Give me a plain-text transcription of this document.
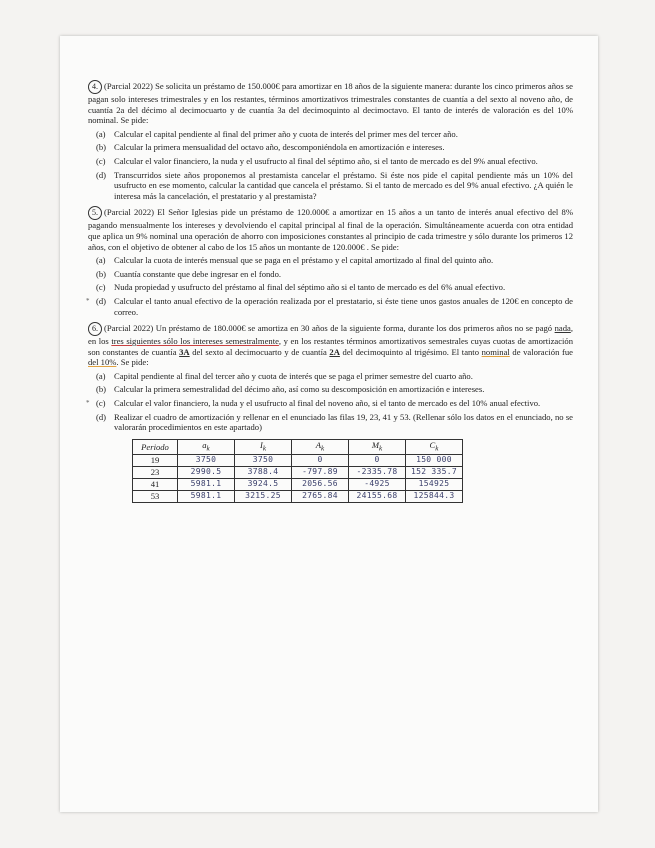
4. (Parcial 2022) Se solicita un préstamo de 150.000€ para amortizar en 18 años de la siguiente manera: durante los cinco primeros años se pagan solo intereses trimestrales y en los restantes, términos amortizativos trimestrales constantes de cuantía a del sexto al noveno año, de cuantía 2a del décimo al decimocuarto y de cuantía 3a del decimoquinto al decimoctavo. El tanto de interés de valoración es del 10% nominal. Se pide:
(a) Calcular el capital pendiente al final del primer año y cuota de interés del primer mes del tercer año.
(b) Calcular la primera mensualidad del octavo año, descomponiéndola en amortización e intereses.
(c) Calcular el valor financiero, la nuda y el usufructo al final del séptimo año, si el tanto de mercado es del 9% anual efectivo.
(d) Transcurridos siete años proponemos al prestamista cancelar el préstamo. Si éste nos pide el capital pendiente más un 10% del usufructo en ese momento, calcular la cantidad que cancela el préstamo. Si el tanto de mercado es del 9% anual efectivo. ¿A quién le interesa más la cancelación, el prestatario y al prestamista?
5. (Parcial 2022) El Señor Iglesias pide un préstamo de 120.000€ a amortizar en 15 años a un tanto de interés anual efectivo del 8% pagando mensualmente los intereses y devolviendo el capital principal al final de la operación. Simultáneamente acuerda con otra entidad que aplica un 9% nominal una operación de ahorro con imposiciones constantes al principio de cada trimestre y sólo durante los primeros 12 años, con el objetivo de obtener al cabo de los 15 años un montante de 120.000€ . Se pide:
(a) Calcular la cuota de interés mensual que se paga en el préstamo y el capital amortizado al final del quinto año.
(b) Cuantía constante que debe ingresar en el fondo.
(c) Nuda propiedad y usufructo del préstamo al final del séptimo año si el tanto de mercado es del 6% anual efectivo.
* (d) Calcular el tanto anual efectivo de la operación realizada por el prestatario, si éste tiene unos gastos anuales de 120€ en concepto de correo.
6. (Parcial 2022) Un préstamo de 180.000€ se amortiza en 30 años de la siguiente forma, durante los dos primeros años no se pagó nada, en los tres siguientes sólo los intereses semestralmente, y en los restantes términos amortizativos semestrales cuyas cuotas de amortización son constantes de cuantía 3A del sexto al decimocuarto y de cuantía 2A del decimoquinto al trigésimo. El tanto nominal de valoración fue del 10%. Se pide:
(a) Capital pendiente al final del tercer año y cuota de interés que se paga el primer semestre del cuarto año.
(b) Calcular la primera semestralidad del décimo año, así como su descomposición en amortización e intereses.
* (c) Calcular el valor financiero, la nuda y el usufructo al final del noveno año, si el tanto de mercado es del 10% anual efectivo.
(d) Realizar el cuadro de amortización y rellenar en el enunciado las filas 19, 23, 41 y 53. (Rellenar sólo los datos en el enunciado, no se valorarán procedimientos en este apartado)
Periodo	$a_k$	$I_k$	$A_k$	$M_k$	$C_k$
19	3750	3750	0	0	150 000
23	2990.5	3788.4	-797.89	-2335.78	152 335.7
41	5981.1	3924.5	2056.56	-4925	154925
53	5981.1	3215.25	2765.84	24155.68	125844.3
